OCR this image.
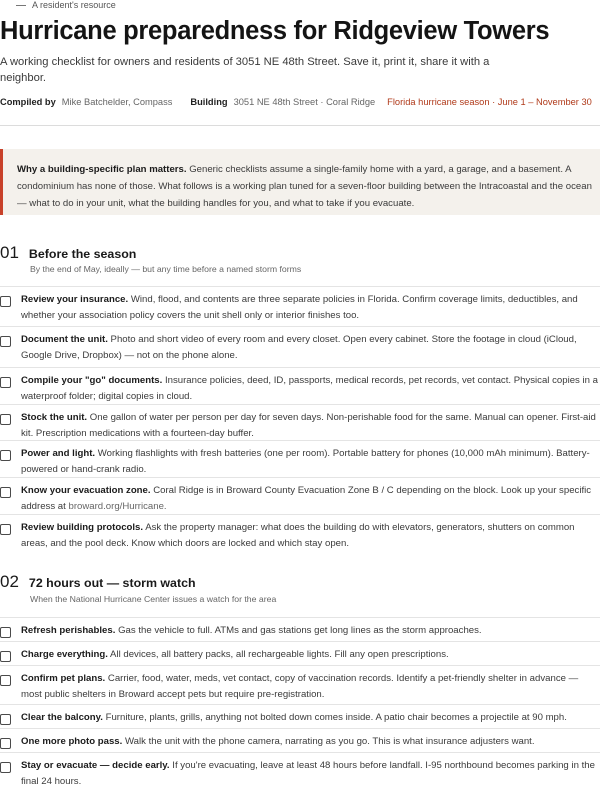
A resident's resource
Hurricane preparedness for Ridgeview Towers

A working checklist for owners and residents of 3051 NE 48th Street. Save it, print it, share it with a neighbor.

Compiled by Mike Batchelder, Compass Building 3051 NE 48th Street · Coral Ridge Florida hurricane season · June 1 – November 30
Why a building-specific plan matters. Generic checklists assume a single-family home with a yard, a garage, and a basement. A condominium has none of those. What follows is a working plan tuned for a seven-floor building between the Intracoastal and the ocean — what to do in your unit, what the building handles for you, and what to take if you evacuate.
01 Before the season
By the end of May, ideally — but any time before a named storm forms
Review your insurance. Wind, flood, and contents are three separate policies in Florida. Confirm coverage limits, deductibles, and whether your association policy covers the unit shell only or interior finishes too.
Document the unit. Photo and short video of every room and every closet. Open every cabinet. Store the footage in cloud (iCloud, Google Drive, Dropbox) — not on the phone alone.
Compile your "go" documents. Insurance policies, deed, ID, passports, medical records, pet records, vet contact. Physical copies in a waterproof folder; digital copies in cloud.
Stock the unit. One gallon of water per person per day for seven days. Non-perishable food for the same. Manual can opener. First-aid kit. Prescription medications with a fourteen-day buffer.
Power and light. Working flashlights with fresh batteries (one per room). Portable battery for phones (10,000 mAh minimum). Battery-powered or hand-crank radio.
Know your evacuation zone. Coral Ridge is in Broward County Evacuation Zone B / C depending on the block. Look up your specific address at broward.org/Hurricane.
Review building protocols. Ask the property manager: what does the building do with elevators, generators, shutters on common areas, and the pool deck. Know which doors are locked and which stay open.
02 72 hours out — storm watch
When the National Hurricane Center issues a watch for the area
Refresh perishables. Gas the vehicle to full. ATMs and gas stations get long lines as the storm approaches.
Charge everything. All devices, all battery packs, all rechargeable lights. Fill any open prescriptions.
Confirm pet plans. Carrier, food, water, meds, vet contact, copy of vaccination records. Identify a pet-friendly shelter in advance — most public shelters in Broward accept pets but require pre-registration.
Clear the balcony. Furniture, plants, grills, anything not bolted down comes inside. A patio chair becomes a projectile at 90 mph.
One more photo pass. Walk the unit with the phone camera, narrating as you go. This is what insurance adjusters want.
Stay or evacuate — decide early. If you're evacuating, leave at least 48 hours before landfall. I-95 northbound becomes parking in the final 24 hours.
